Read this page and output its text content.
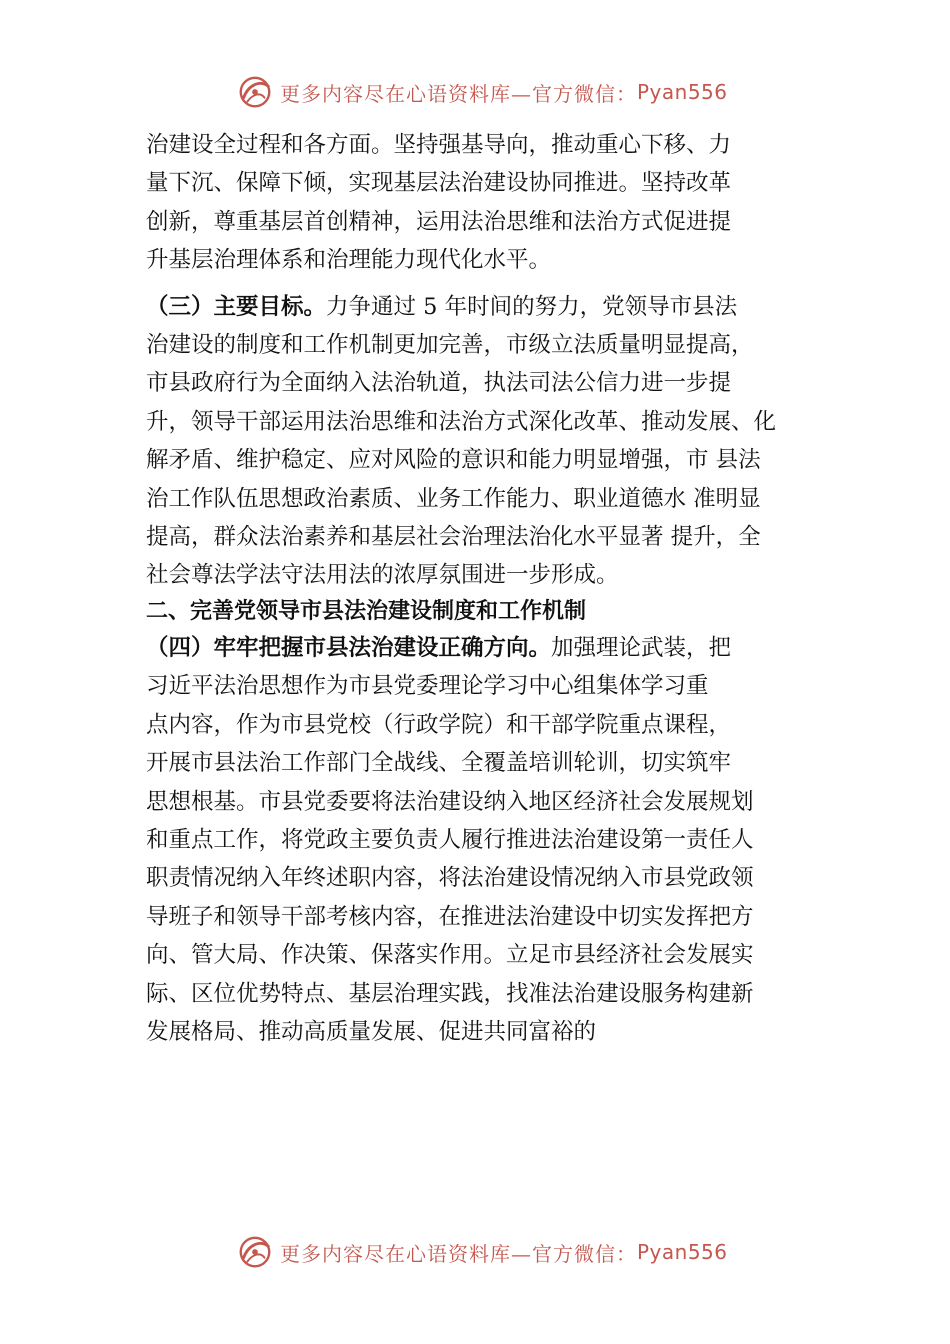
更多内容尽在心语资料库—官方微信： Pyan556

治建设全过程和各方面。坚持强基导向，推动重心下移、力
量下沉、保障下倾，实现基层法治建设协同推进。坚持改革
创新，尊重基层首创精神，运用法治思维和法治方式促进提
升基层治理体系和治理能力现代化水平。

（三）主要目标。力争通过 5 年时间的努力，党领导市县法
治建设的制度和工作机制更加完善，市级立法质量明显提高，
市县政府行为全面纳入法治轨道，执法司法公信力进一步提
升，领导干部运用法治思维和法治方式深化改革、推动发展、化
解矛盾、维护稳定、应对风险的意识和能力明显增强，市 县法
治工作队伍思想政治素质、业务工作能力、职业道德水 准明显
提高，群众法治素养和基层社会治理法治化水平显著 提升，全
社会尊法学法守法用法的浓厚氛围进一步形成。

二、完善党领导市县法治建设制度和工作机制

（四）牢牢把握市县法治建设正确方向。加强理论武装，把
习近平法治思想作为市县党委理论学习中心组集体学习重
点内容，作为市县党校（行政学院）和干部学院重点课程，
开展市县法治工作部门全战线、全覆盖培训轮训，切实筑牢
思想根基。市县党委要将法治建设纳入地区经济社会发展规划
和重点工作，将党政主要负责人履行推进法治建设第一责任人
职责情况纳入年终述职内容，将法治建设情况纳入市县党政领
导班子和领导干部考核内容，在推进法治建设中切实发挥把方
向、管大局、作决策、保落实作用。立足市县经济社会发展实
际、区位优势特点、基层治理实践，找准法治建设服务构建新
发展格局、推动高质量发展、促进共同富裕的

更多内容尽在心语资料库—官方微信： Pyan556
